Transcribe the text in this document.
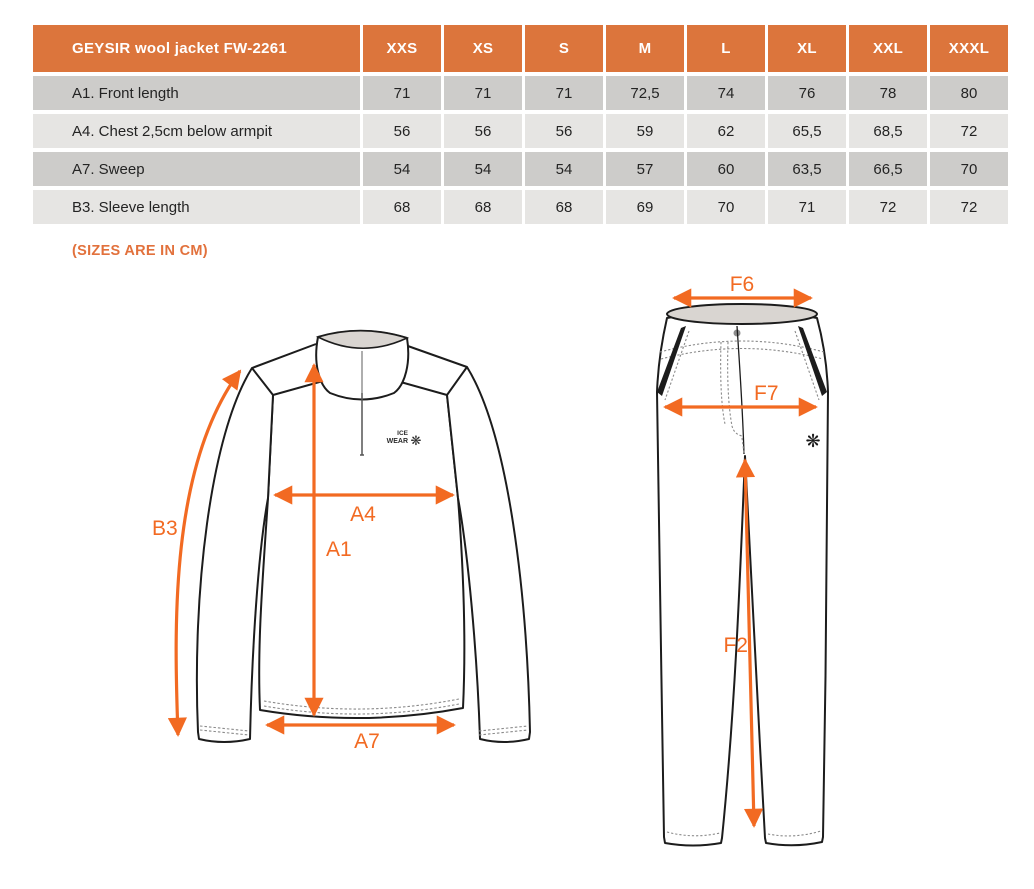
GEYSIR wool jacket FW-2261	XXS	XS	S	M	L	XL	XXL	XXXL
A1. Front length	71	71	71	72,5	74	76	78	80
A4. Chest 2,5cm below armpit	56	56	56	59	62	65,5	68,5	72
A7. Sweep	54	54	54	57	60	63,5	66,5	70
B3. Sleeve length	68	68	68	69	70	71	72	72
(SIZES ARE IN CM)
ICE
WEAR ❋
B3
A1
A4
A7
❋
F6
F7
F2
